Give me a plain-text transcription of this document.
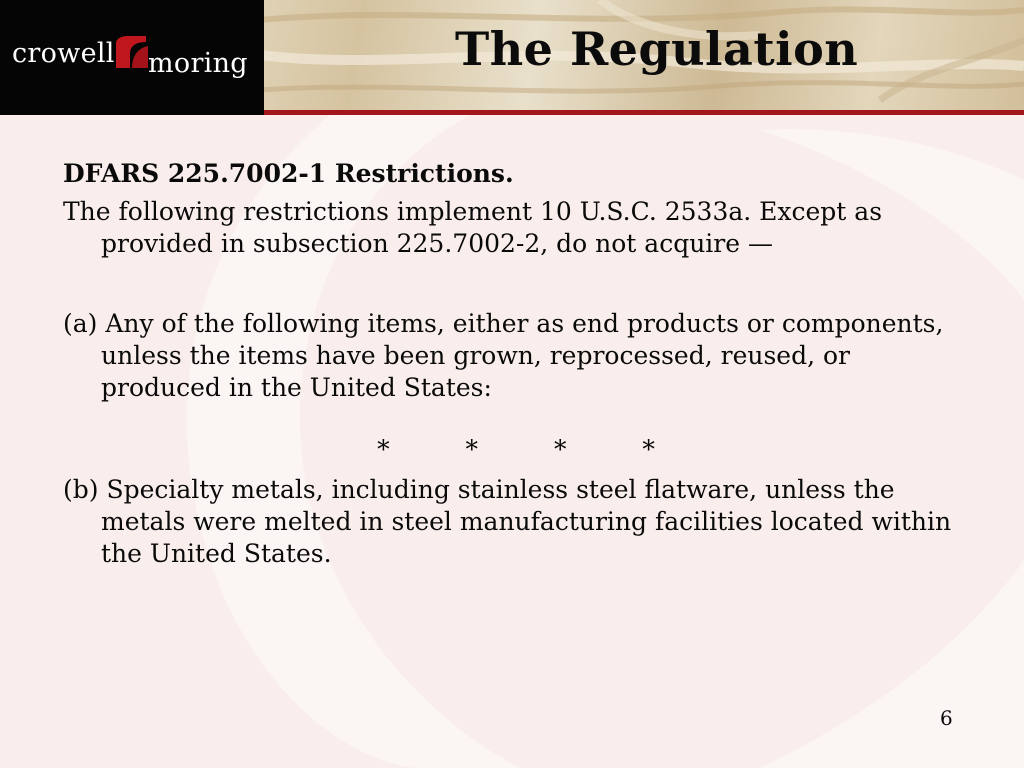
crowell moring	The Regulation

DFARS 225.7002-1 Restrictions.

The following restrictions implement 10 U.S.C. 2533a. Except as provided in subsection 225.7002-2, do not acquire —

(a) Any of the following items, either as end products or components, unless the items have been grown, reprocessed, reused, or produced in the United States:

* * * *

(b) Specialty metals, including stainless steel flatware, unless the metals were melted in steel manufacturing facilities located within the United States.

6
